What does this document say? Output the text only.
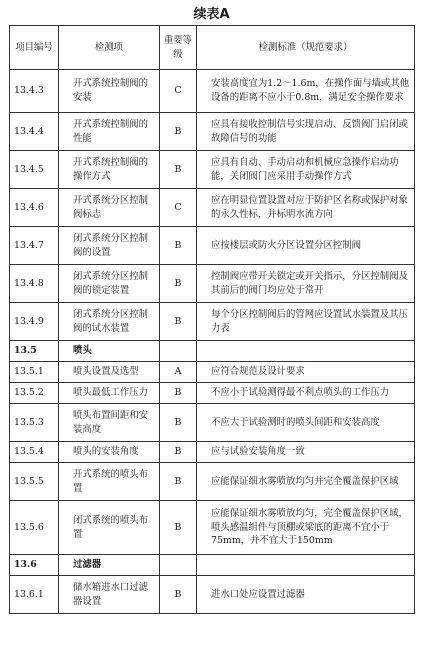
续表A
项目编号	检测项	重要等级	检测标准（规范要求）
13.4.3	开式系统控制阀的安装	C	安装高度宜为1.2～1.6m，在操作面与墙或其他设备的距离不应小于0.8m，满足安全操作要求
13.4.4	开式系统控制阀的性能	B	应具有接收控制信号实现启动、反馈阀门启闭或故障信号的功能
13.4.5	开式系统控制阀的操作方式	B	应具有自动、手动启动和机械应急操作启动功能，关闭阀门应采用手动操作方式
13.4.6	开式系统分区控制阀标志	C	应在明显位置设置对应于防护区名称或保护对象的永久性标，并标明水流方向
13.4.7	闭式系统分区控制阀的设置	B	应按楼层或防火分区设置分区控制阀
13.4.8	闭式系统分区控制阀的锁定装置	B	控制阀应带开关锁定或开关指示，分区控制阀及其前后的阀门均应处于常开
13.4.9	闭式系统分区控制阀的试水装置	B	每个分区控制阀后的管网应设置试水装置及其压力表
13.5	喷头		
13.5.1	喷头设置及选型	A	应符合规范及设计要求
13.5.2	喷头最低工作压力	B	不应小于试验测得最不利点喷头的工作压力
13.5.3	喷头布置间距和安装高度	B	不应大于试验测时的喷头间距和安装高度
13.5.4	喷头的安装角度	B	应与试验安装角度一致
13.5.5	开式系统的喷头布置	B	应能保证细水雾喷放均匀并完全覆盖保护区域
13.5.6	闭式系统的喷头布置	B	应能保证细水雾喷放均匀，完全覆盖保护区域，喷头感温组件与顶棚或梁底的距离不宜小于75mm，并不宜大于150mm
13.6	过滤器		
13.6.1	储水箱进水口过滤器设置	B	进水口处应设置过滤器
